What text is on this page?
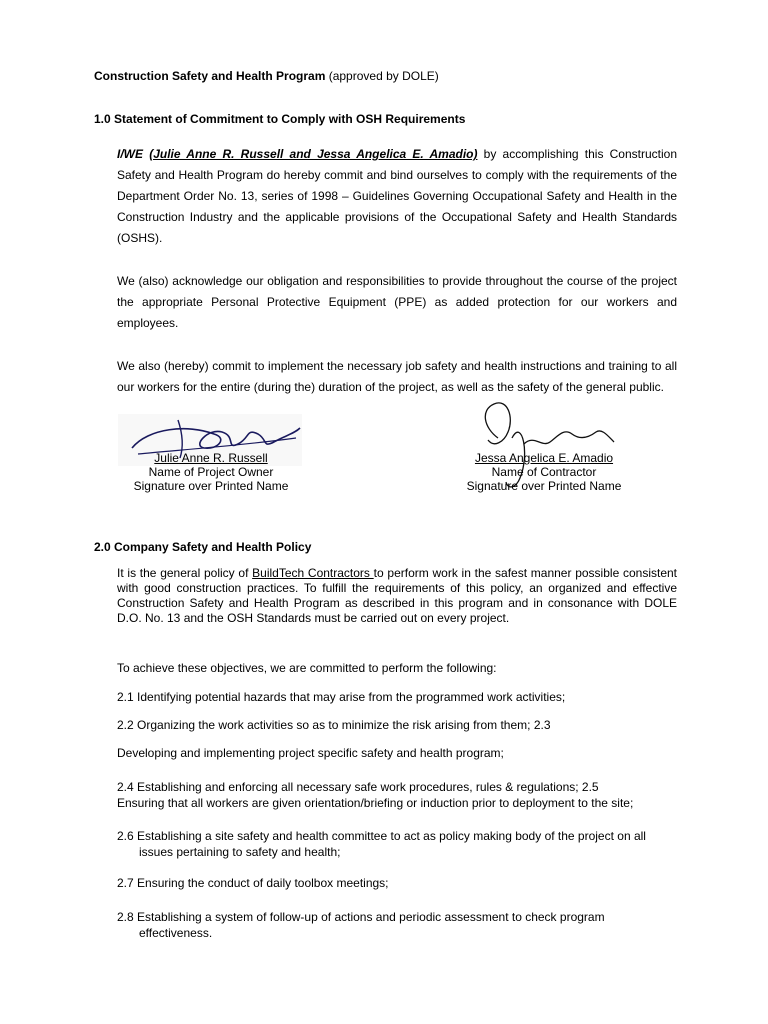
Construction Safety and Health Program (approved by DOLE)
1.0 Statement of Commitment to Comply with OSH Requirements
I/WE (Julie Anne R. Russell and Jessa Angelica E. Amadio) by accomplishing this Construction Safety and Health Program do hereby commit and bind ourselves to comply with the requirements of the Department Order No. 13, series of 1998 – Guidelines Governing Occupational Safety and Health in the Construction Industry and the applicable provisions of the Occupational Safety and Health Standards (OSHS).
We (also) acknowledge our obligation and responsibilities to provide throughout the course of the project the appropriate Personal Protective Equipment (PPE) as added protection for our workers and employees.
We also (hereby) commit to implement the necessary job safety and health instructions and training to all our workers for the entire (during the) duration of the project, as well as the safety of the general public.
Julie Anne R. Russell
Name of Project Owner
Signature over Printed Name
Jessa Angelica E. Amadio
Name of Contractor
Signature over Printed Name
2.0 Company Safety and Health Policy
It is the general policy of BuildTech Contractors to perform work in the safest manner possible consistent with good construction practices. To fulfill the requirements of this policy, an organized and effective Construction Safety and Health Program as described in this program and in consonance with DOLE D.O. No. 13 and the OSH Standards must be carried out on every project.
To achieve these objectives, we are committed to perform the following:
2.1 Identifying potential hazards that may arise from the programmed work activities;
2.2 Organizing the work activities so as to minimize the risk arising from them; 2.3
Developing and implementing project specific safety and health program;
2.4 Establishing and enforcing all necessary safe work procedures, rules & regulations; 2.5
Ensuring that all workers are given orientation/briefing or induction prior to deployment to the site;
2.6 Establishing a site safety and health committee to act as policy making body of the project on all issues pertaining to safety and health;
2.7 Ensuring the conduct of daily toolbox meetings;
2.8 Establishing a system of follow-up of actions and periodic assessment to check program effectiveness.
